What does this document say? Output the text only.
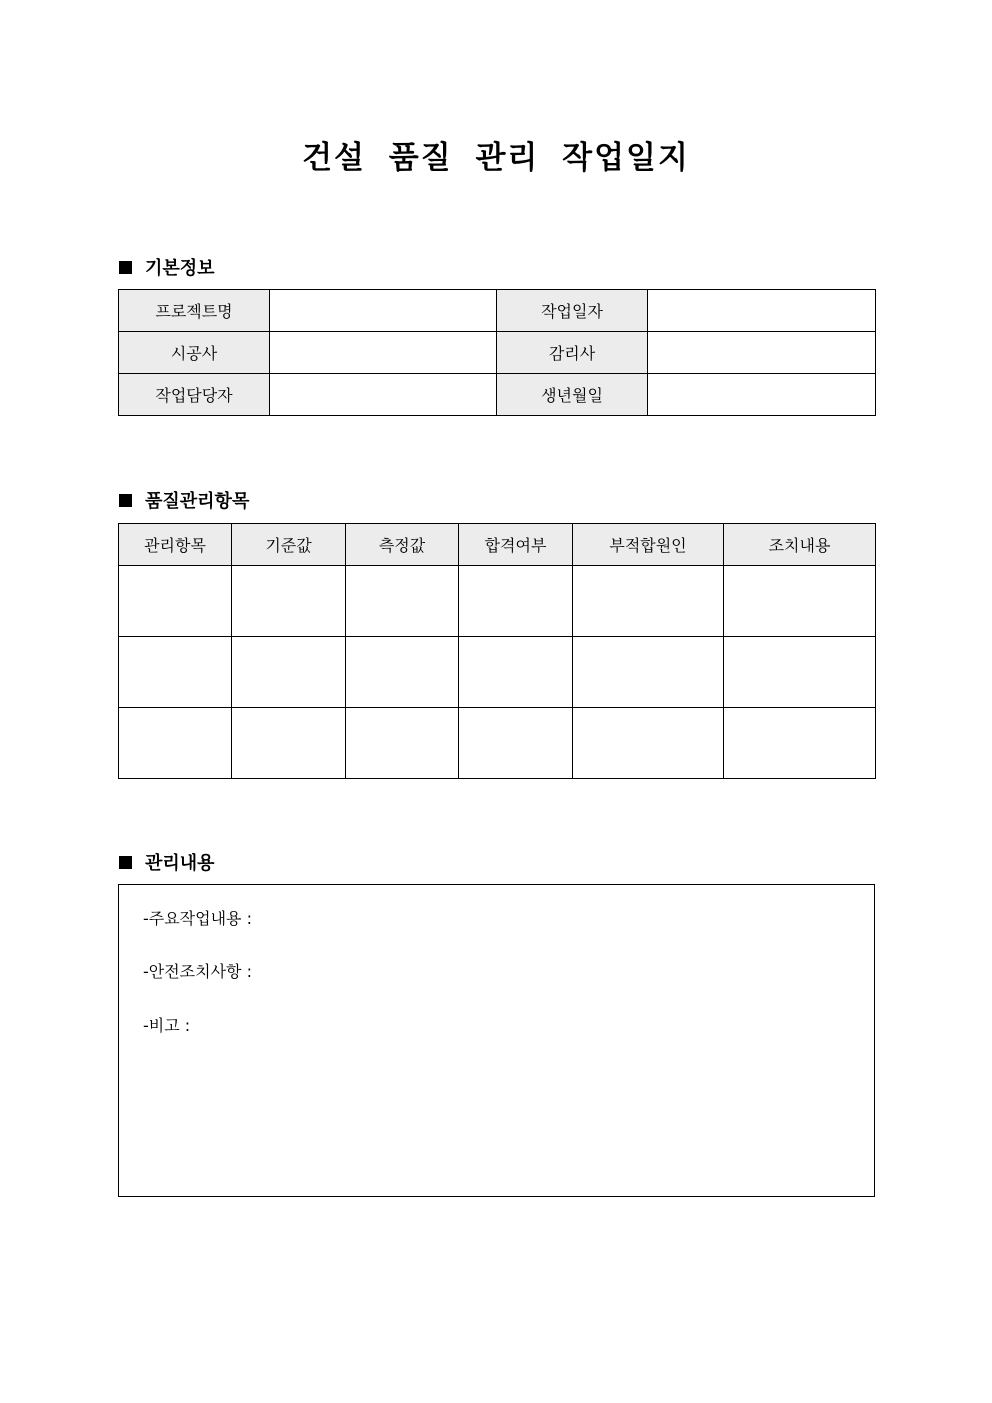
건설 품질 관리 작업일지
기본정보
프로젝트명		작업일자	
시공사		감리사	
작업담당자		생년월일	
품질관리항목
관리항목	기준값	측정값	합격여부	부적합원인	조치내용

관리내용
-주요작업내용 :
-안전조치사항 :
-비고 :
